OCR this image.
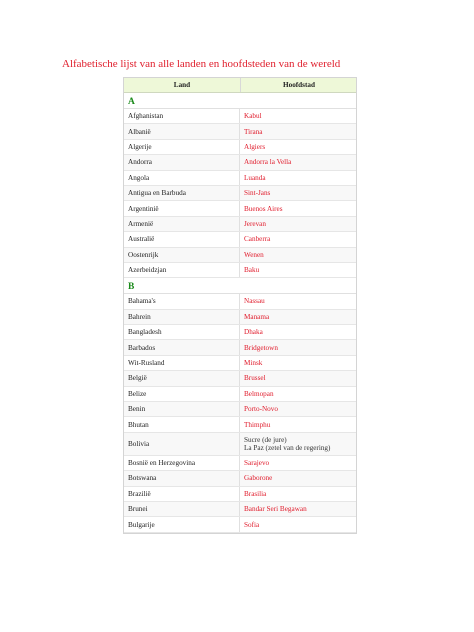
Alfabetische lijst van alle landen en hoofdsteden van de wereld
Land	Hoofdstad
A
Afghanistan	Kabul
Albanië	Tirana
Algerije	Algiers
Andorra	Andorra la Vella
Angola	Luanda
Antigua en Barbuda	Sint-Jans
Argentinië	Buenos Aires
Armenië	Jerevan
Australië	Canberra
Oostenrijk	Wenen
Azerbeidzjan	Baku
B
Bahama's	Nassau
Bahrein	Manama
Bangladesh	Dhaka
Barbados	Bridgetown
Wit-Rusland	Minsk
België	Brussel
Belize	Belmopan
Benin	Porto-Novo
Bhutan	Thimphu
Bolivia	Sucre (de jure)
La Paz (zetel van de regering)
Bosnië en Herzegovina	Sarajevo
Botswana	Gaborone
Brazilië	Brasilia
Brunei	Bandar Seri Begawan
Bulgarije	Sofia
